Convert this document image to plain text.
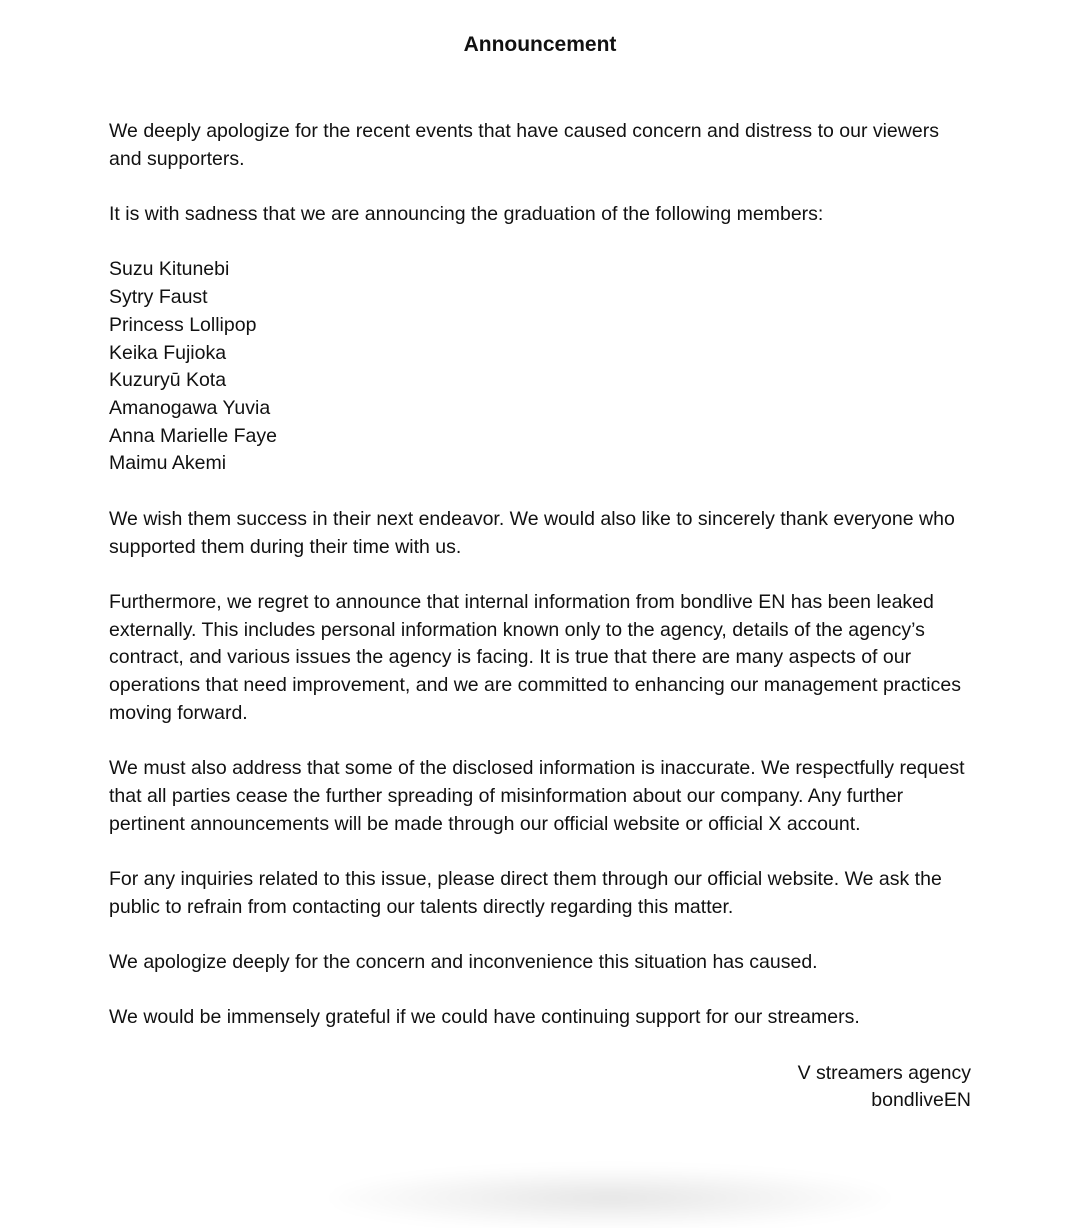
Announcement

We deeply apologize for the recent events that have caused concern and distress to our viewers and supporters.

It is with sadness that we are announcing the graduation of the following members:

Suzu Kitunebi
Sytry Faust
Princess Lollipop
Keika Fujioka
Kuzuryū Kota
Amanogawa Yuvia
Anna Marielle Faye
Maimu Akemi

We wish them success in their next endeavor. We would also like to sincerely thank everyone who supported them during their time with us.

Furthermore, we regret to announce that internal information from bondlive EN has been leaked externally. This includes personal information known only to the agency, details of the agency’s contract, and various issues the agency is facing. It is true that there are many aspects of our operations that need improvement, and we are committed to enhancing our management practices moving forward.

We must also address that some of the disclosed information is inaccurate. We respectfully request that all parties cease the further spreading of misinformation about our company. Any further pertinent announcements will be made through our official website or official X account.

For any inquiries related to this issue, please direct them through our official website. We ask the public to refrain from contacting our talents directly regarding this matter.

We apologize deeply for the concern and inconvenience this situation has caused.

We would be immensely grateful if we could have continuing support for our streamers.

V streamers agency
bondliveEN
